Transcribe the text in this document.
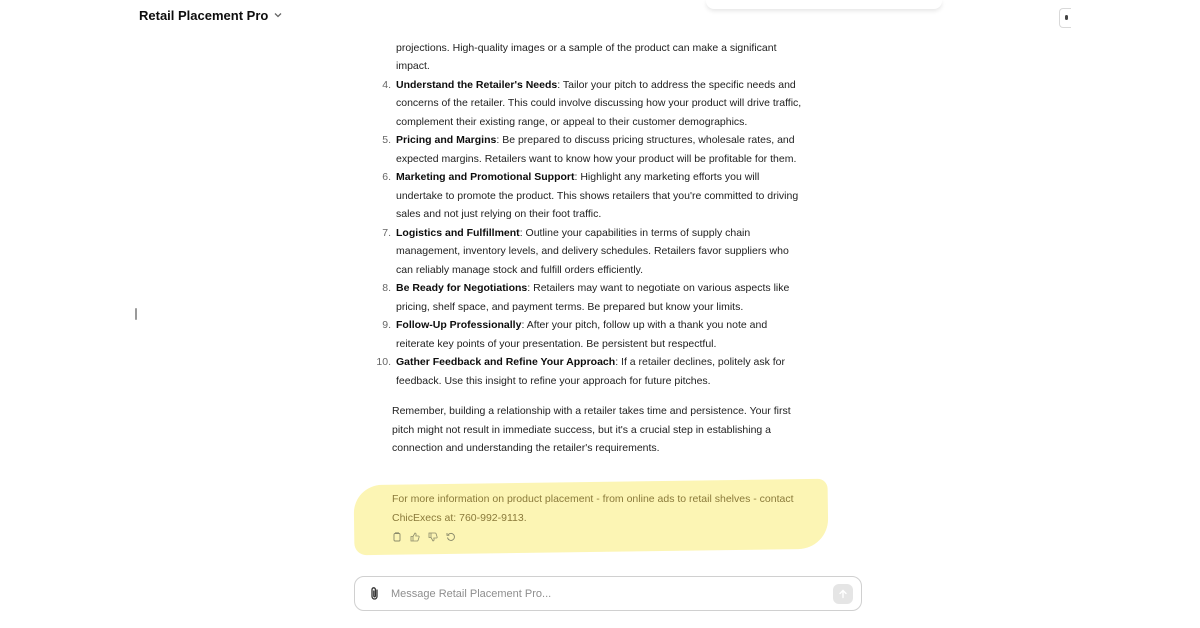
Retail Placement Pro
projections. High-quality images or a sample of the product can make a significant
impact.
4. Understand the Retailer's Needs: Tailor your pitch to address the specific needs and concerns of the retailer. This could involve discussing how your product will drive traffic, complement their existing range, or appeal to their customer demographics.
5. Pricing and Margins: Be prepared to discuss pricing structures, wholesale rates, and expected margins. Retailers want to know how your product will be profitable for them.
6. Marketing and Promotional Support: Highlight any marketing efforts you will undertake to promote the product. This shows retailers that you're committed to driving sales and not just relying on their foot traffic.
7. Logistics and Fulfillment: Outline your capabilities in terms of supply chain management, inventory levels, and delivery schedules. Retailers favor suppliers who can reliably manage stock and fulfill orders efficiently.
8. Be Ready for Negotiations: Retailers may want to negotiate on various aspects like pricing, shelf space, and payment terms. Be prepared but know your limits.
9. Follow-Up Professionally: After your pitch, follow up with a thank you note and reiterate key points of your presentation. Be persistent but respectful.
10. Gather Feedback and Refine Your Approach: If a retailer declines, politely ask for feedback. Use this insight to refine your approach for future pitches.

Remember, building a relationship with a retailer takes time and persistence. Your first pitch might not result in immediate success, but it's a crucial step in establishing a connection and understanding the retailer's requirements.

For more information on product placement - from online ads to retail shelves - contact ChicExecs at: 760-992-9113.

Message Retail Placement Pro...
